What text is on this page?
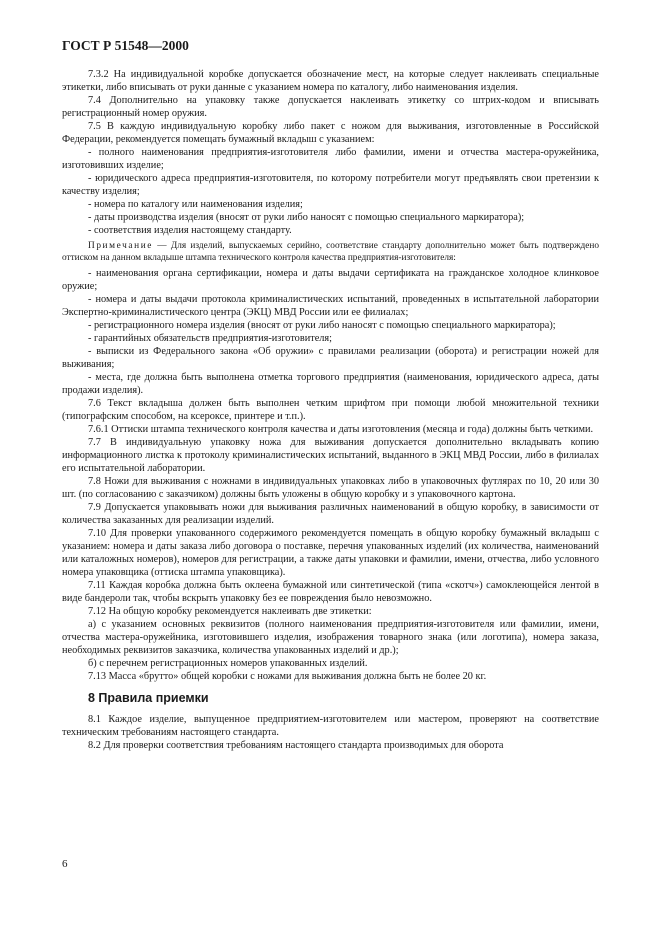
ГОСТ Р 51548—2000

7.3.2 На индивидуальной коробке допускается обозначение мест, на которые следует наклеивать специальные этикетки, либо вписывать от руки данные с указанием номера по каталогу, либо наименования изделия.

7.4 Дополнительно на упаковку также допускается наклеивать этикетку со штрих-кодом и вписывать регистрационный номер оружия.

7.5 В каждую индивидуальную коробку либо пакет с ножом для выживания, изготовленные в Российской Федерации, рекомендуется помещать бумажный вкладыш с указанием:

- полного наименования предприятия-изготовителя либо фамилии, имени и отчества мастера-оружейника, изготовивших изделие;

- юридического адреса предприятия-изготовителя, по которому потребители могут предъявлять свои претензии к качеству изделия;

- номера по каталогу или наименования изделия;

- даты производства изделия (вносят от руки либо наносят с помощью специального маркиратора);

- соответствия изделия настоящему стандарту.

Примечание — Для изделий, выпускаемых серийно, соответствие стандарту дополнительно может быть подтверждено оттиском на данном вкладыше штампа технического контроля качества предприятия-изготовителя:

- наименования органа сертификации, номера и даты выдачи сертификата на гражданское холодное клинковое оружие;

- номера и даты выдачи протокола криминалистических испытаний, проведенных в испытательной лаборатории Экспертно-криминалистического центра (ЭКЦ) МВД России или ее филиалах;

- регистрационного номера изделия (вносят от руки либо наносят с помощью специального маркиратора);

- гарантийных обязательств предприятия-изготовителя;

- выписки из Федерального закона «Об оружии» с правилами реализации (оборота) и регистрации ножей для выживания;

- места, где должна быть выполнена отметка торгового предприятия (наименования, юридического адреса, даты продажи изделия).

7.6 Текст вкладыша должен быть выполнен четким шрифтом при помощи любой множительной техники (типографским способом, на ксероксе, принтере и т.п.).

7.6.1 Оттиски штампа технического контроля качества и даты изготовления (месяца и года) должны быть четкими.

7.7 В индивидуальную упаковку ножа для выживания допускается дополнительно вкладывать копию информационного листка к протоколу криминалистических испытаний, выданного в ЭКЦ МВД России, либо в филиалах его испытательной лаборатории.

7.8 Ножи для выживания с ножнами в индивидуальных упаковках либо в упаковочных футлярах по 10, 20 или 30 шт. (по согласованию с заказчиком) должны быть уложены в общую коробку и з упаковочного картона.

7.9 Допускается упаковывать ножи для выживания различных наименований в общую коробку, в зависимости от количества заказанных для реализации изделий.

7.10 Для проверки упакованного содержимого рекомендуется помещать в общую коробку бумажный вкладыш с указанием: номера и даты заказа либо договора о поставке, перечня упакованных изделий (их количества, наименований или каталожных номеров), номеров для регистрации, а также даты упаковки и фамилии, имени, отчества, либо условного номера упаковщика (оттиска штампа упаковщика).

7.11 Каждая коробка должна быть оклеена бумажной или синтетической (типа «скотч») самоклеющейся лентой в виде бандероли так, чтобы вскрыть упаковку без ее повреждения было невозможно.

7.12 На общую коробку рекомендуется наклеивать две этикетки:

а) с указанием основных реквизитов (полного наименования предприятия-изготовителя или фамилии, имени, отчества мастера-оружейника, изготовившего изделия, изображения товарного знака (или логотипа), номера заказа, необходимых реквизитов заказчика, количества упакованных изделий и др.);

б) с перечнем регистрационных номеров упакованных изделий.

7.13 Масса «брутто» общей коробки с ножами для выживания должна быть не более 20 кг.

8 Правила приемки

8.1 Каждое изделие, выпущенное предприятием-изготовителем или мастером, проверяют на соответствие техническим требованиям настоящего стандарта.

8.2 Для проверки соответствия требованиям настоящего стандарта производимых для оборота

6
